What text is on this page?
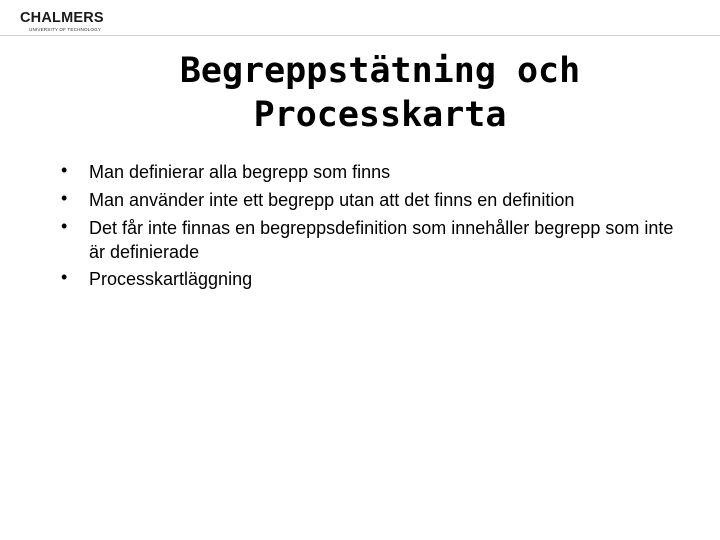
CHALMERS
UNIVERSITY OF TECHNOLOGY
Begreppstätning och
Processkarta
• Man definierar alla begrepp som finns
• Man använder inte ett begrepp utan att det finns en definition
• Det får inte finnas en begreppsdefinition som innehåller begrepp som inte är definierade
• Processkartläggning
